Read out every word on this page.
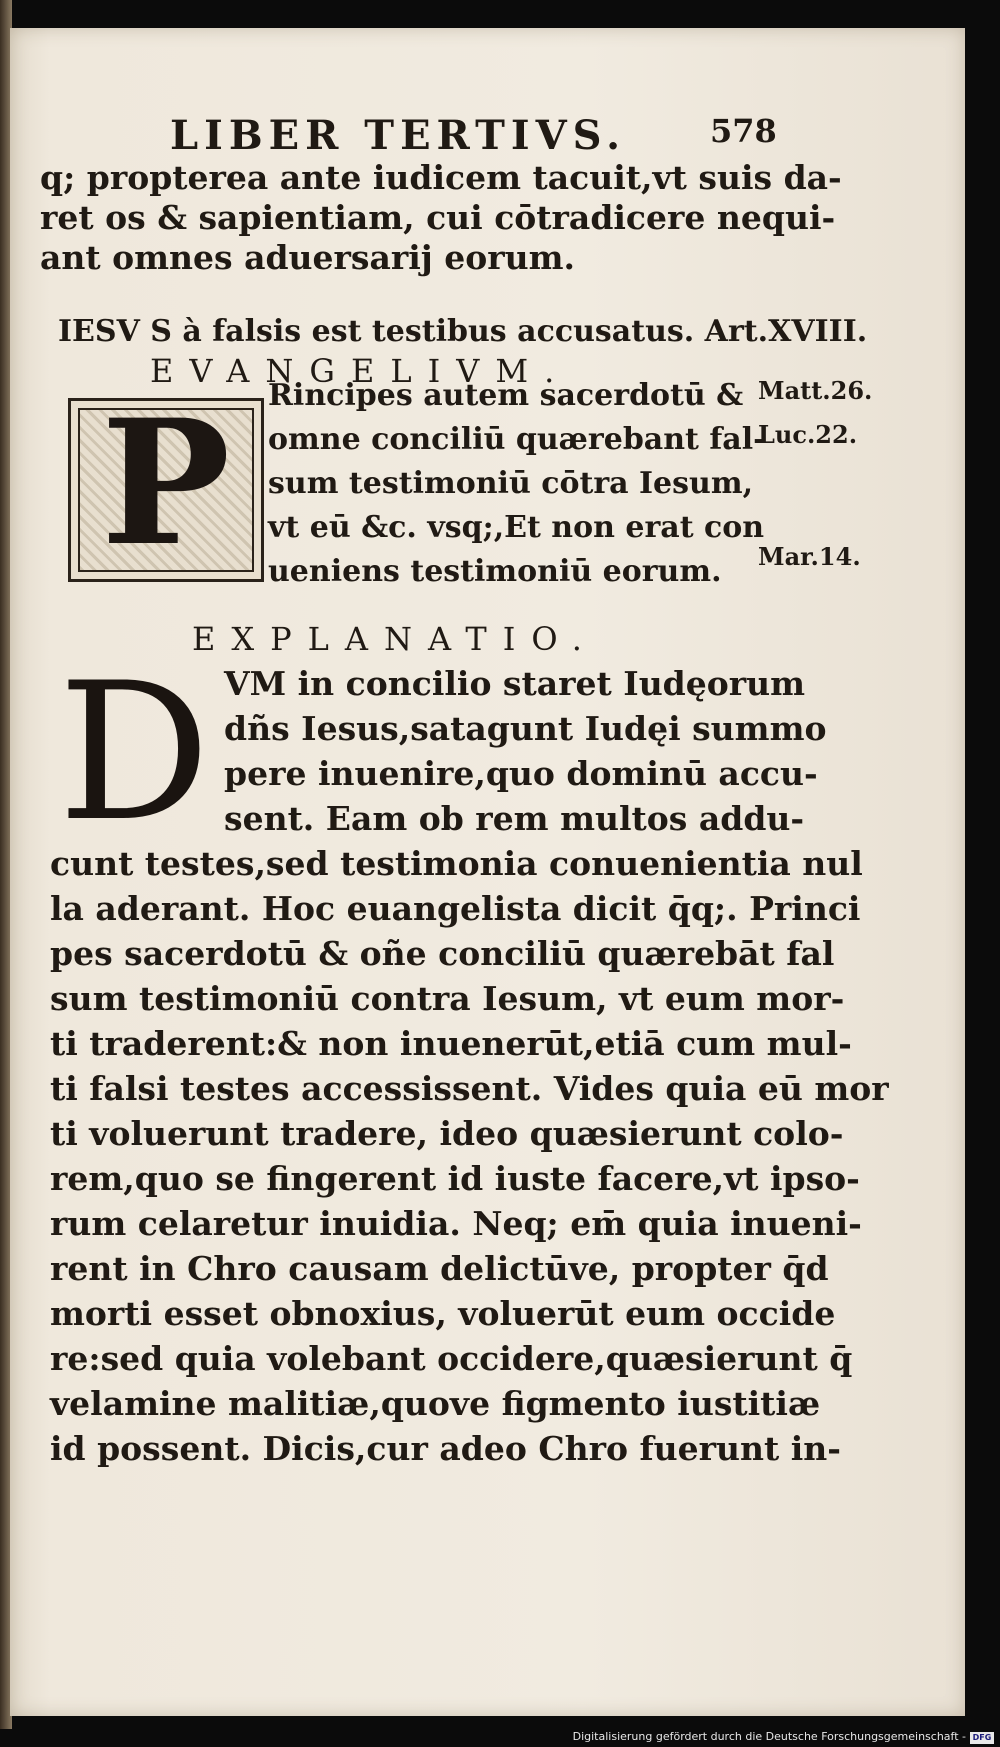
LIBER TERTIVS.	578
q; propterea ante iudicem tacuit,vt suis da-
ret os & sapientiam, cui cōtradicere nequi-
ant omnes aduersarij eorum.
IESV S à falsis est testibus accusatus. Art.XVIII.
EVANGELIVM.
P Rincipes autem sacerdotū &
omne conciliū quærebant fal-
sum testimoniū cōtra Iesum,
vt eū &c. vsq;,Et non erat con
ueniens testimoniū eorum.
Matt.26.
Luc.22.
Mar.14.
EXPLANATIO.
D VM in concilio staret Iudęorum
dñs Iesus,satagunt Iudęi summo
pere inuenire,quo dominū accu-
sent. Eam ob rem multos addu-
cunt testes,sed testimonia conuenientia nul
la aderant. Hoc euangelista dicit q̄q;. Princi
pes sacerdotū & oñe conciliū quærebāt fal
sum testimoniū contra Iesum, vt eum mor-
ti traderent:& non inuenerūt,etiā cum mul-
ti falsi testes accessissent. Vides quia eū mor
ti voluerunt tradere, ideo quæsierunt colo-
rem,quo se fingerent id iuste facere,vt ipso-
rum celaretur inuidia. Neq; em̄ quia inueni-
rent in Chro causam delictūve, propter q̄d
morti esset obnoxius, voluerūt eum occide
re:sed quia volebant occidere,quæsierunt q̄
velamine malitiæ,quove figmento iustitiæ
id possent. Dicis,cur adeo Chro fuerunt in-
Digitalisierung gefördert durch die Deutsche Forschungsgemeinschaft - DFG
